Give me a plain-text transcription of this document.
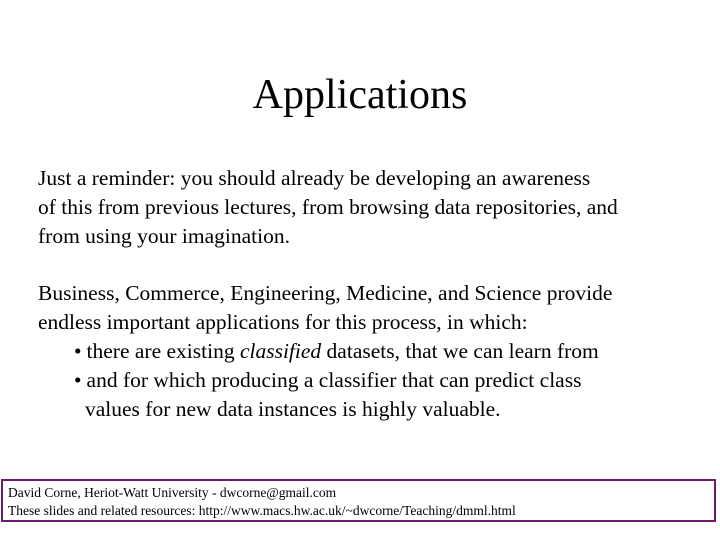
Applications
Just a reminder: you should already be developing an awareness
of this from previous lectures, from browsing data repositories, and
from using your imagination.
Business, Commerce, Engineering, Medicine, and Science provide
endless important applications for this process, in which:
• there are existing classified datasets, that we can learn from
• and for which producing a classifier that can predict class
values for new data instances is highly valuable.
David Corne, Heriot-Watt University - dwcorne@gmail.com
These slides and related resources: http://www.macs.hw.ac.uk/~dwcorne/Teaching/dmml.html
